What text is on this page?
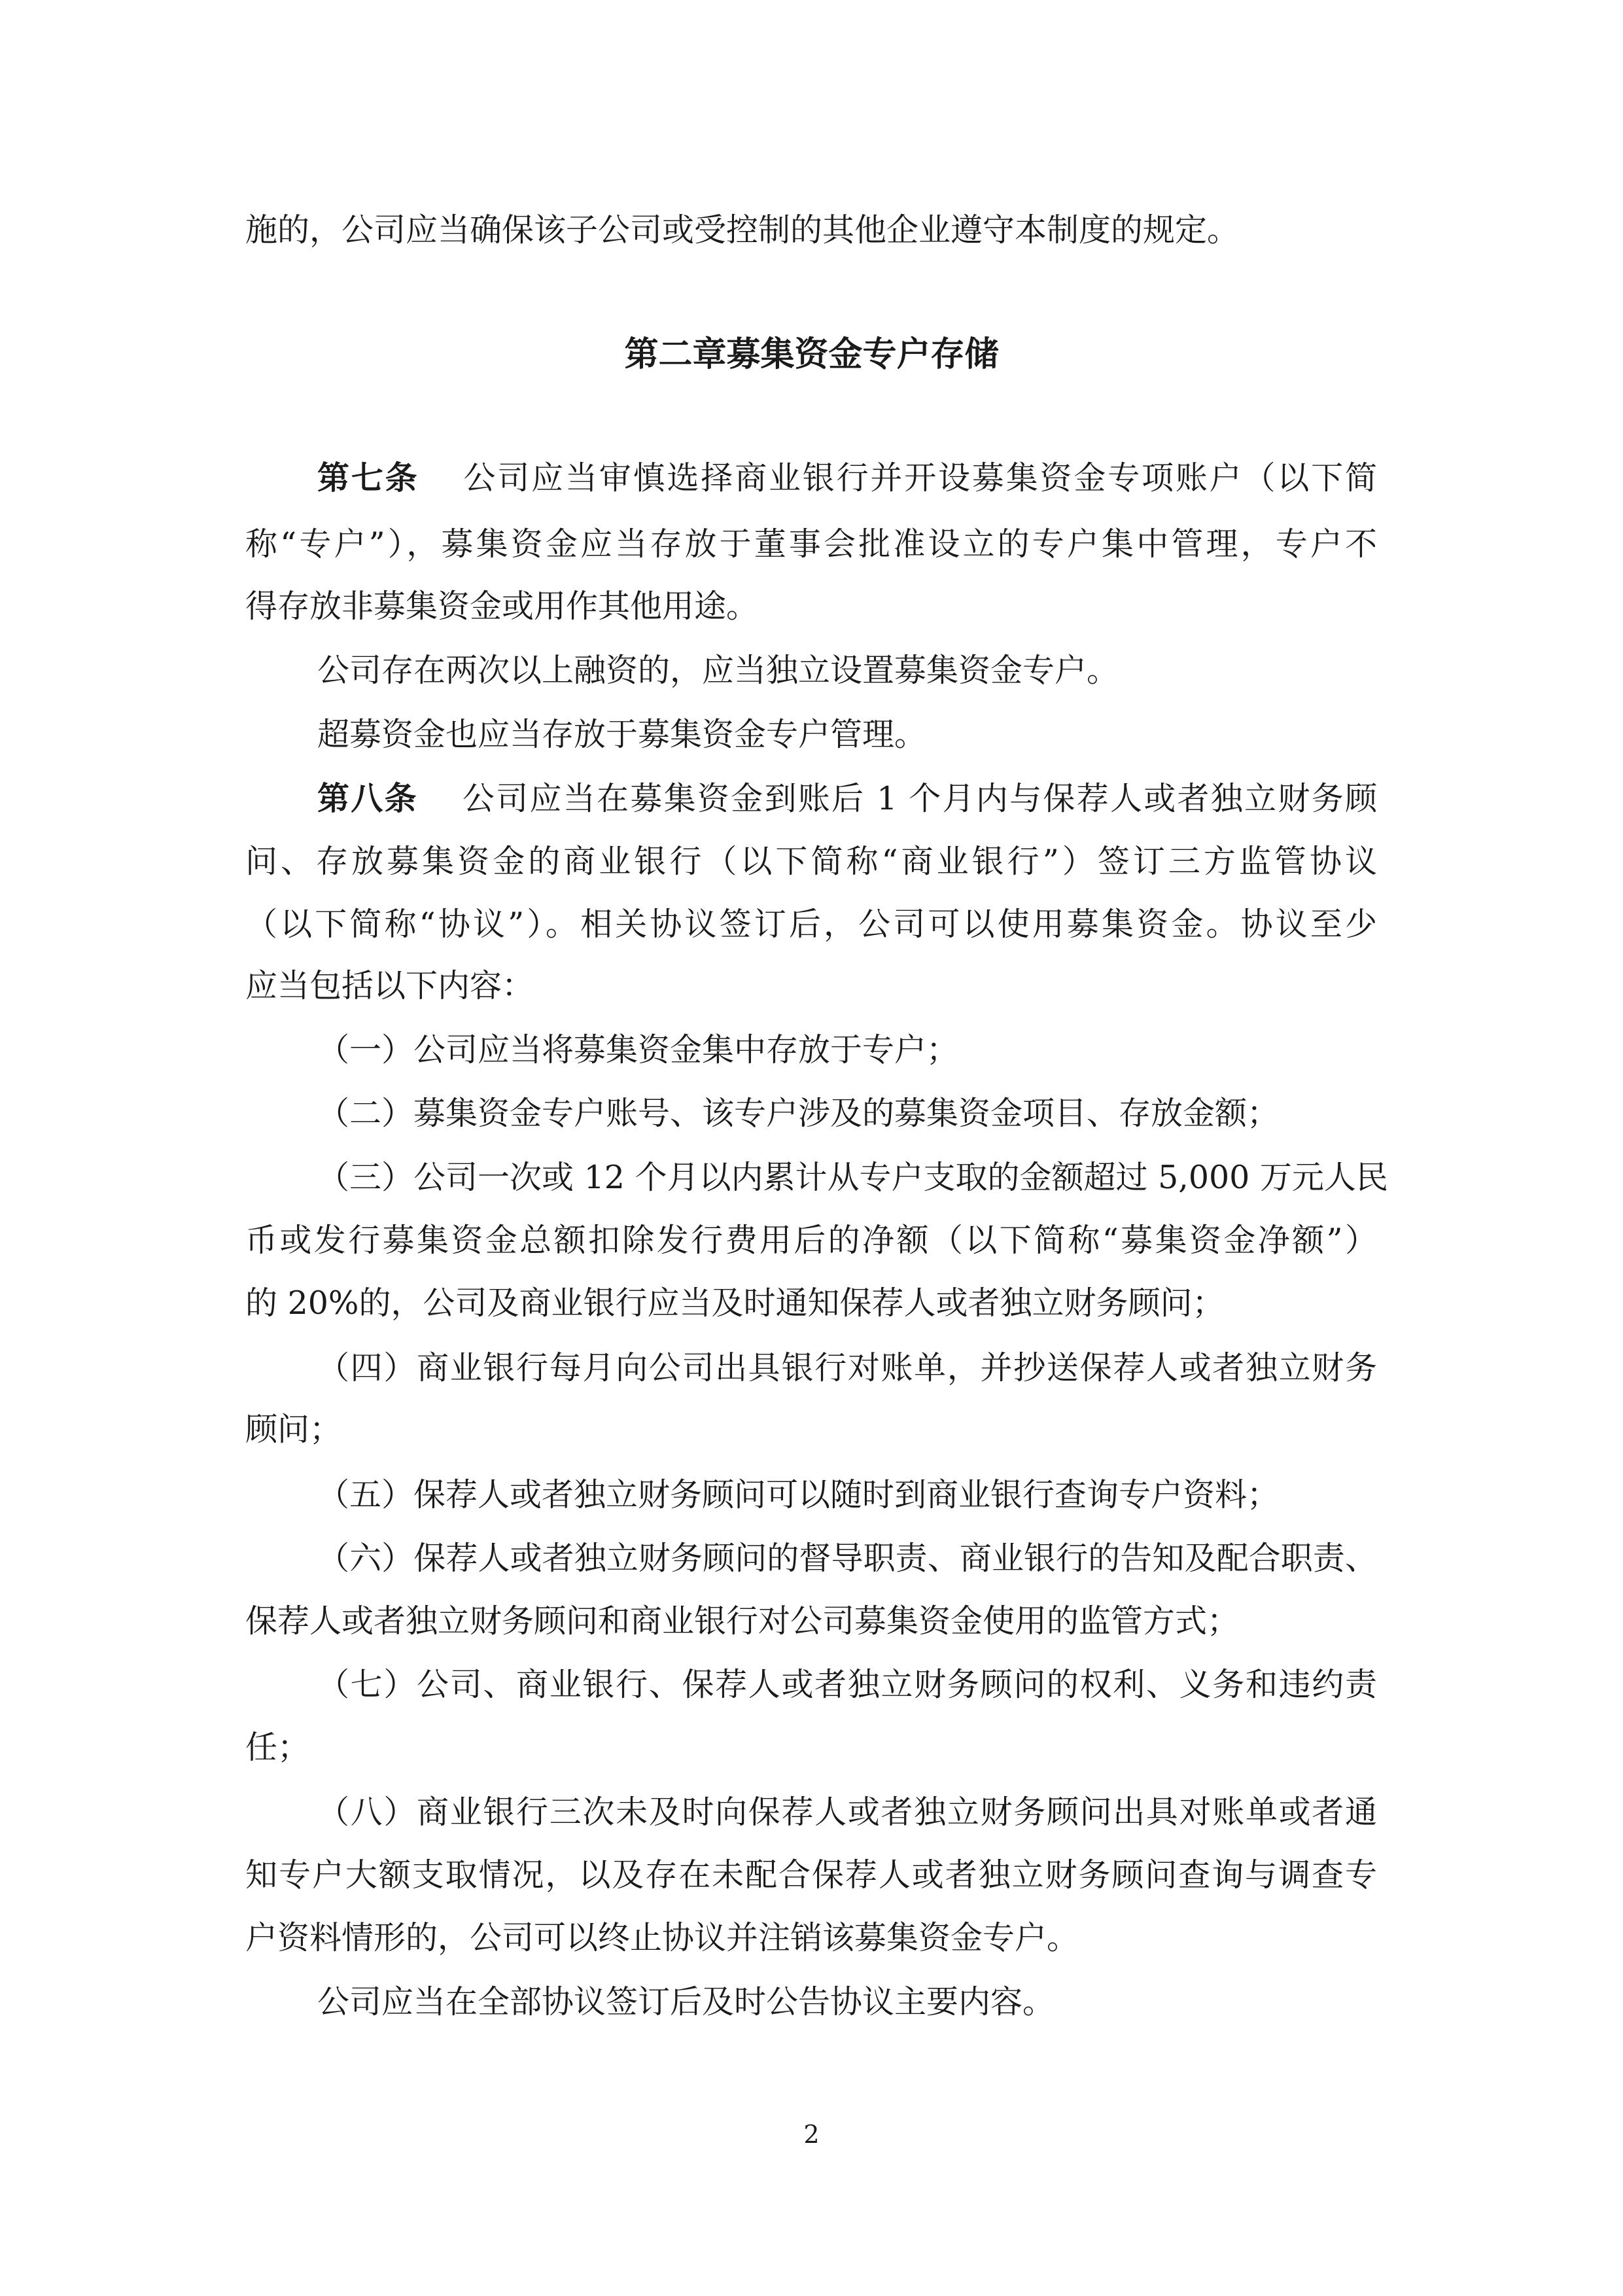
施的，公司应当确保该子公司或受控制的其他企业遵守本制度的规定。
第二章募集资金专户存储
第七条 公司应当审慎选择商业银行并开设募集资金专项账户（以下简
称“专户”），募集资金应当存放于董事会批准设立的专户集中管理，专户不
得存放非募集资金或用作其他用途。
公司存在两次以上融资的，应当独立设置募集资金专户。
超募资金也应当存放于募集资金专户管理。
第八条 公司应当在募集资金到账后 1 个月内与保荐人或者独立财务顾
问、存放募集资金的商业银行（以下简称“商业银行”）签订三方监管协议
（以下简称“协议”）。相关协议签订后，公司可以使用募集资金。协议至少
应当包括以下内容：
（一）公司应当将募集资金集中存放于专户；
（二）募集资金专户账号、该专户涉及的募集资金项目、存放金额；
（三）公司一次或 12 个月以内累计从专户支取的金额超过 5,000 万元人民
币或发行募集资金总额扣除发行费用后的净额（以下简称“募集资金净额”）
的 20%的，公司及商业银行应当及时通知保荐人或者独立财务顾问；
（四）商业银行每月向公司出具银行对账单，并抄送保荐人或者独立财务
顾问；
（五）保荐人或者独立财务顾问可以随时到商业银行查询专户资料；
（六）保荐人或者独立财务顾问的督导职责、商业银行的告知及配合职责、
保荐人或者独立财务顾问和商业银行对公司募集资金使用的监管方式；
（七）公司、商业银行、保荐人或者独立财务顾问的权利、义务和违约责
任；
（八）商业银行三次未及时向保荐人或者独立财务顾问出具对账单或者通
知专户大额支取情况，以及存在未配合保荐人或者独立财务顾问查询与调查专
户资料情形的，公司可以终止协议并注销该募集资金专户。
公司应当在全部协议签订后及时公告协议主要内容。
2
